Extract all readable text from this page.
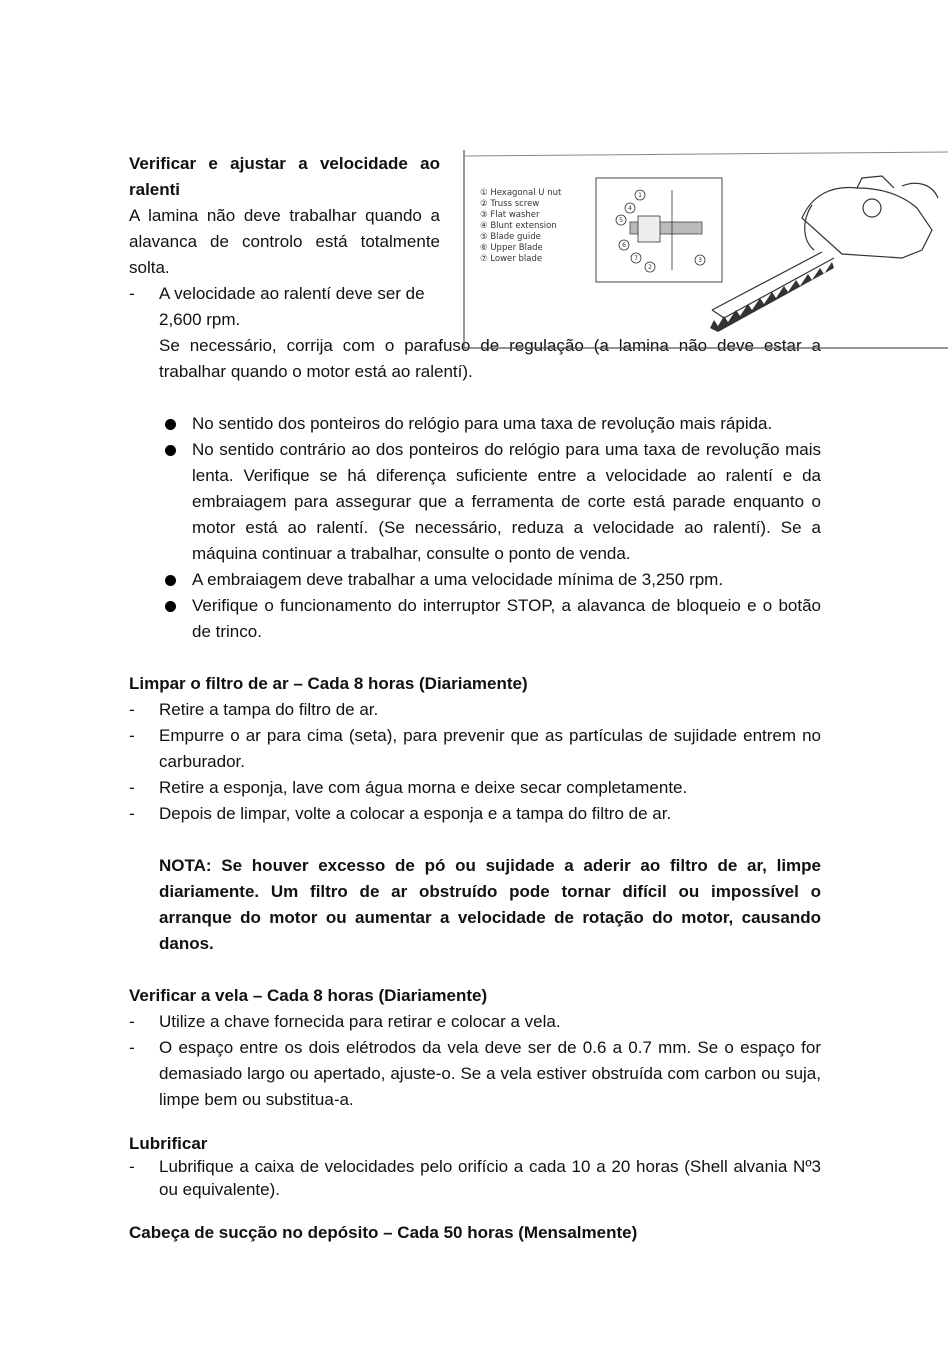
Verificar e ajustar a velocidade ao ralenti
A lamina não deve trabalhar quando a alavanca de controlo está totalmente solta.
- A velocidade ao ralentí deve ser de 2,600 rpm.
Se necessário, corrija com o parafuso de regulação (a lamina não deve estar a trabalhar quando o motor está ao ralentí).
No sentido dos ponteiros do relógio para uma taxa de revolução mais rápida.
No sentido contrário ao dos ponteiros do relógio para uma taxa de revolução mais lenta. Verifique se há diferença suficiente entre a velocidade ao ralentí e da embraiagem para assegurar que a ferramenta de corte está parade enquanto o motor está ao ralentí. (Se necessário, reduza a velocidade ao ralentí). Se a máquina continuar a trabalhar, consulte o ponto de venda.
A embraiagem deve trabalhar a uma velocidade mínima de 3,250 rpm.
Verifique o funcionamento do interruptor STOP, a alavanca de bloqueio e o botão de trinco.
① Hexagonal U nut
② Truss screw
③ Flat washer
④ Blunt extension
⑤ Blade guide
⑥ Upper Blade
⑦ Lower blade
1
2
3
4
5
6
7
Limpar o filtro de ar – Cada 8 horas (Diariamente)
- Retire a tampa do filtro de ar.
- Empurre o ar para cima (seta), para prevenir que as partículas de sujidade entrem no carburador.
- Retire a esponja, lave com água morna e deixe secar completamente.
- Depois de limpar, volte a colocar a esponja e a tampa do filtro de ar.
NOTA: Se houver excesso de pó ou sujidade a aderir ao filtro de ar, limpe diariamente. Um filtro de ar obstruído pode tornar difícil ou impossível o arranque do motor ou aumentar a velocidade de rotação do motor, causando danos.
Verificar a vela – Cada 8 horas (Diariamente)
- Utilize a chave fornecida para retirar e colocar a vela.
- O espaço entre os dois elétrodos da vela deve ser de 0.6 a 0.7 mm. Se o espaço for demasiado largo ou apertado, ajuste-o. Se a vela estiver obstruída com carbon ou suja, limpe bem ou substitua-a.
Lubrificar
- Lubrifique a caixa de velocidades pelo orifício a cada 10 a 20 horas (Shell alvania Nº3 ou equivalente).
Cabeça de sucção no depósito – Cada 50 horas (Mensalmente)
